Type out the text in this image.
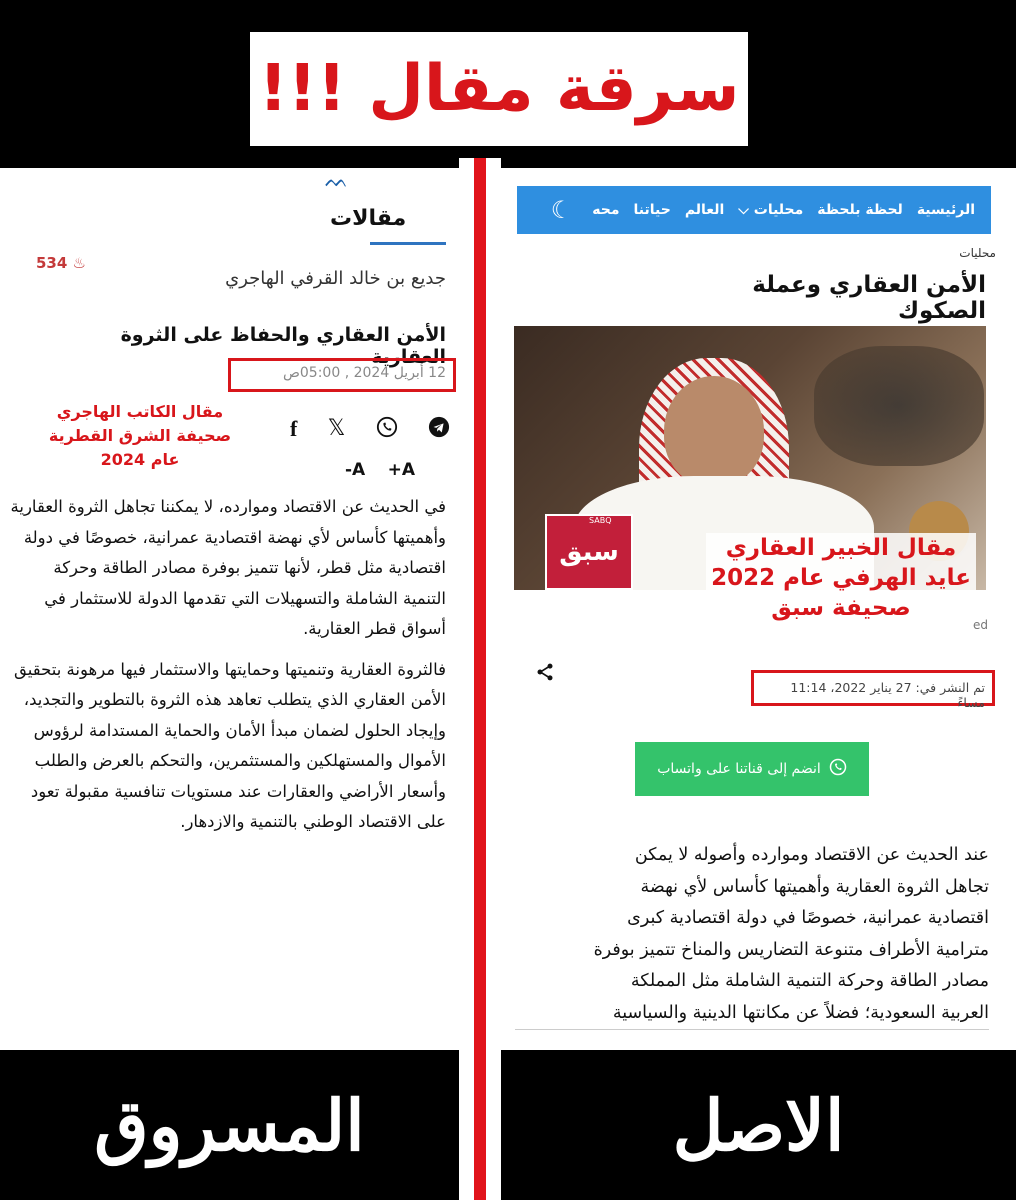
سرقة مقال !!!
ᨓ
مقالات
534 ♨
جديع بن خالد القرفي الهاجري
الأمن العقاري والحفاظ على الثروة العقارية
12 أبريل 2024 , 05:00ص
مقال الكاتب الهاجري
صحيفة الشرق القطرية
عام 2024
f 𝕏
-A +A

في الحديث عن الاقتصاد وموارده، لا يمكننا تجاهل الثروة العقارية وأهميتها كأساس لأي نهضة اقتصادية عمرانية، خصوصًا في دولة اقتصادية مثل قطر، لأنها تتميز بوفرة مصادر الطاقة وحركة التنمية الشاملة والتسهيلات التي تقدمها الدولة للاستثمار في أسواق قطر العقارية.

فالثروة العقارية وتنميتها وحمايتها والاستثمار فيها مرهونة بتحقيق الأمن العقاري الذي يتطلب تعاهد هذه الثروة بالتطوير والتجديد، وإيجاد الحلول لضمان مبدأ الأمان والحماية المستدامة لرؤوس الأموال والمستهلكين والمستثمرين، والتحكم بالعرض والطلب وأسعار الأراضي والعقارات عند مستويات تنافسية مقبولة تعود على الاقتصاد الوطني بالتنمية والازدهار.

الرئيسية
لحظة بلحظة
محليات ⌵
العالم
حياتنا
محه
☾
محليات
الأمن العقاري وعملة الصكوك
سبق
SABQ
مقال الخبير العقاري
عايد الهرفي عام 2022
صحيفة سبق
ed
تم النشر في: 27 يناير 2022، 11:14 مساءً
انضم إلى قناتنا على واتساب
عند الحديث عن الاقتصاد وموارده وأصوله لا يمكن
تجاهل الثروة العقارية وأهميتها كأساس لأي نهضة
اقتصادية عمرانية، خصوصًا في دولة اقتصادية كبرى
مترامية الأطراف متنوعة التضاريس والمناخ تتميز بوفرة
مصادر الطاقة وحركة التنمية الشاملة مثل المملكة
العربية السعودية؛ فضلاً عن مكانتها الدينية والسياسية
المسروق	الاصل
